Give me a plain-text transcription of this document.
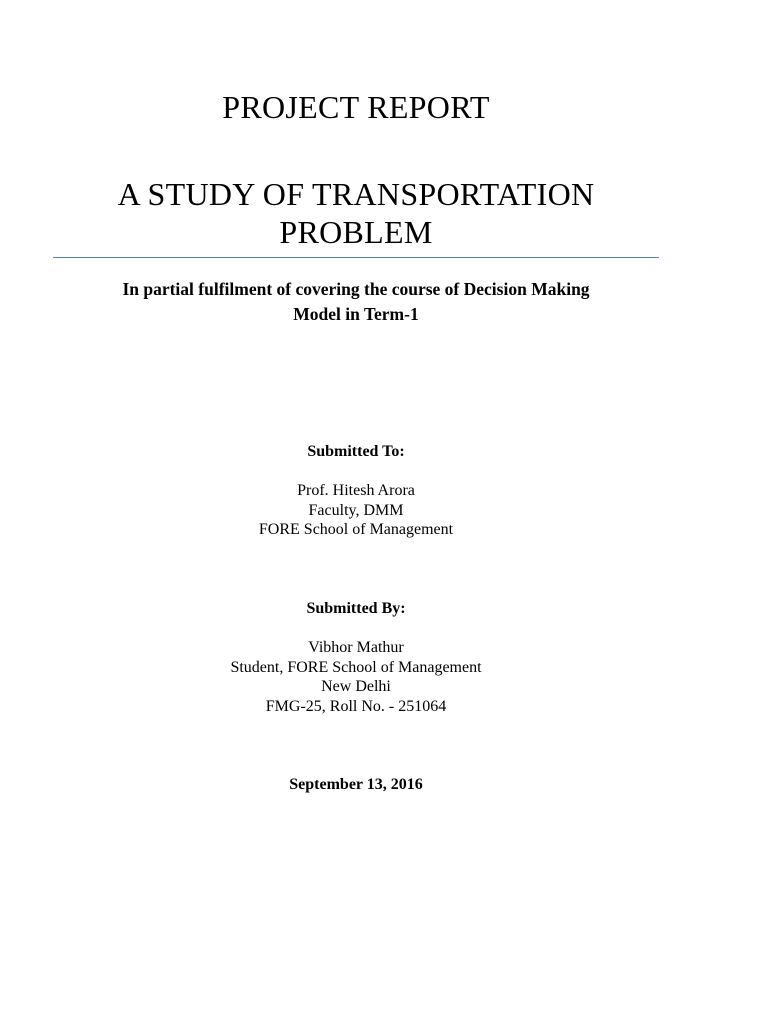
PROJECT REPORT
A STUDY OF TRANSPORTATION
PROBLEM
In partial fulfilment of covering the course of Decision Making
Model in Term-1
Submitted To:
Prof. Hitesh Arora
Faculty, DMM
FORE School of Management
Submitted By:
Vibhor Mathur
Student, FORE School of Management
New Delhi
FMG-25, Roll No. - 251064
September 13, 2016
